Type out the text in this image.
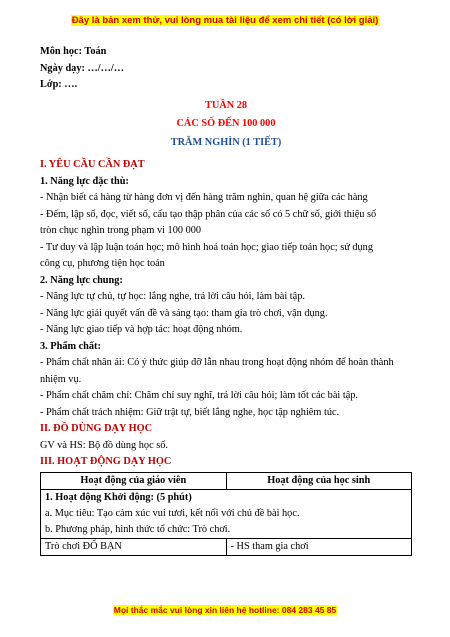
Đây là bản xem thử, vui lòng mua tài liệu để xem chi tiết (có lời giải)
Môn học: Toán
Ngày dạy: …/…/…
Lớp: ….
TUẦN 28
CÁC SỐ ĐẾN 100 000
TRĂM NGHÌN (1 TIẾT)
I. YÊU CẦU CẦN ĐẠT
1. Năng lực đặc thù:
- Nhận biết cả hàng từ hàng đơn vị đến hàng trăm nghìn, quan hệ giữa các hàng
- Đếm, lập số, đọc, viết số, cấu tạo thập phân của các số có 5 chữ số, giới thiệu số
tròn chục nghìn trong phạm vi 100 000
- Tư duy và lập luận toán học; mô hình hoá toán học; giao tiếp toán học; sử dụng
công cụ, phương tiện học toán
2. Năng lực chung:
- Năng lực tự chủ, tự học: lắng nghe, trả lời câu hỏi, làm bài tập.
- Năng lực giải quyết vấn đề và sáng tạo: tham gia trò chơi, vận dụng.
- Năng lực giao tiếp và hợp tác: hoạt động nhóm.
3. Phẩm chất:
- Phẩm chất nhân ái: Có ý thức giúp đỡ lẫn nhau trong hoạt động nhóm để hoàn thành
nhiệm vụ.
- Phẩm chất chăm chỉ: Chăm chỉ suy nghĩ, trả lời câu hỏi; làm tốt các bài tập.
- Phẩm chất trách nhiệm: Giữ trật tự, biết lắng nghe, học tập nghiêm túc.
II. ĐỒ DÙNG DẠY HỌC
GV và HS: Bộ đồ dùng học số.
III. HOẠT ĐỘNG DẠY HỌC
Hoạt động của giáo viên	Hoạt động của học sinh

1. Hoạt động Khởi động: (5 phút)
a. Mục tiêu: Tạo cảm xúc vui tươi, kết nối với chủ đề bài học.
b. Phương pháp, hình thức tổ chức: Trò chơi.	

Trò chơi ĐỐ BẠN	- HS tham gia chơi
Mọi thắc mắc vui lòng xin liên hệ hotline: 084 283 45 85
